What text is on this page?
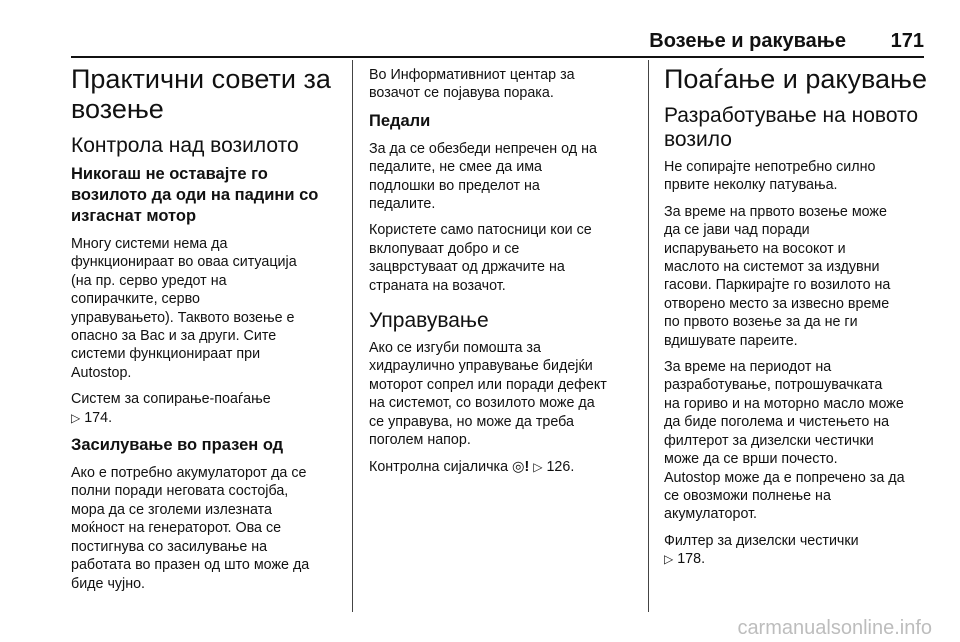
Возење и ракување 171
Практични совети за
возење
Контрола над возилото
Никогаш не оставајте го
возилото да оди на падини со
изгаснат мотор
Многу системи нема да
функционираат во оваа ситуација
(на пр. серво уредот на
сопирачките, серво
управувањето). Таквото возење е
опасно за Вас и за други. Сите
системи функционираат при
Autostop.
Систем за сопирање-поаѓање
▷ 174.
Засилување во празен од
Ако е потребно акумулаторот да се
полни поради неговата состојба,
мора да се зголеми излезната
моќност на генераторот. Ова се
постигнува со засилување на
работата во празен од што може да
биде чујно.
Во Информативниот центар за
возачот се појавува порака.
Педали
За да се обезбеди непречен од на
педалите, не смее да има
подлошки во пределот на
педалите.
Користете само патосници кои се
вклопуваат добро и се
зацврстуваат од држачите на
страната на возачот.
Управување
Ако се изгуби помошта за
хидраулично управување бидејќи
моторот сопрел или поради дефект
на системот, со возилото може да
се управува, но може да треба
поголем напор.
Контролна сијаличка ◎! ▷ 126.
Поаѓање и ракување
Разработување на новото
возило
Не сопирајте непотребно силно
првите неколку патувања.
За време на првото возење може
да се јави чад поради
испарувањето на восокот и
маслото на системот за издувни
гасови. Паркирајте го возилото на
отворено место за извесно време
по првото возење за да не ги
вдишувате пареите.
За време на периодот на
разработување, потрошувачката
на гориво и на моторно масло може
да биде поголема и чистењето на
филтерот за дизелски честички
може да се врши почесто.
Autostop може да е попречено за да
се овозможи полнење на
акумулаторот.
Филтер за дизелски честички
▷ 178.
carmanualsonline.info
